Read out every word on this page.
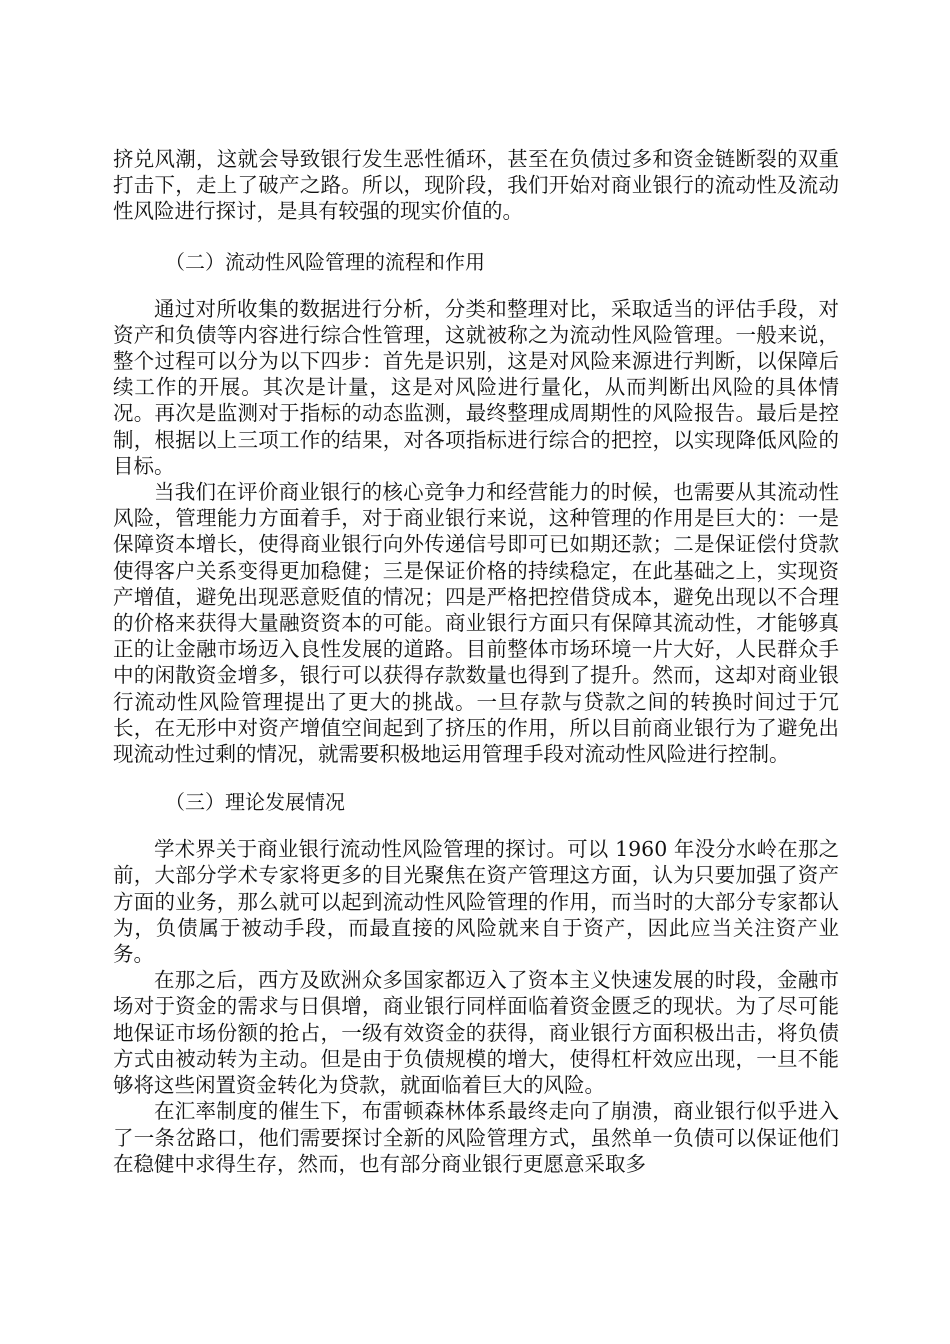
挤兑风潮，这就会导致银行发生恶性循环，甚至在负债过多和资金链断裂的双重打击下，走上了破产之路。所以，现阶段，我们开始对商业银行的流动性及流动性风险进行探讨，是具有较强的现实价值的。

（二）流动性风险管理的流程和作用

通过对所收集的数据进行分析，分类和整理对比，采取适当的评估手段，对资产和负债等内容进行综合性管理，这就被称之为流动性风险管理。一般来说，整个过程可以分为以下四步：首先是识别，这是对风险来源进行判断，以保障后续工作的开展。其次是计量，这是对风险进行量化，从而判断出风险的具体情况。再次是监测对于指标的动态监测，最终整理成周期性的风险报告。最后是控制，根据以上三项工作的结果，对各项指标进行综合的把控，以实现降低风险的目标。

当我们在评价商业银行的核心竞争力和经营能力的时候，也需要从其流动性风险，管理能力方面着手，对于商业银行来说，这种管理的作用是巨大的：一是保障资本增长，使得商业银行向外传递信号即可已如期还款；二是保证偿付贷款使得客户关系变得更加稳健；三是保证价格的持续稳定，在此基础之上，实现资产增值，避免出现恶意贬值的情况；四是严格把控借贷成本，避免出现以不合理的价格来获得大量融资资本的可能。商业银行方面只有保障其流动性，才能够真正的让金融市场迈入良性发展的道路。目前整体市场环境一片大好，人民群众手中的闲散资金增多，银行可以获得存款数量也得到了提升。然而，这却对商业银行流动性风险管理提出了更大的挑战。一旦存款与贷款之间的转换时间过于冗长，在无形中对资产增值空间起到了挤压的作用，所以目前商业银行为了避免出现流动性过剩的情况，就需要积极地运用管理手段对流动性风险进行控制。

（三）理论发展情况

学术界关于商业银行流动性风险管理的探讨。可以 1960 年没分水岭在那之前，大部分学术专家将更多的目光聚焦在资产管理这方面，认为只要加强了资产方面的业务，那么就可以起到流动性风险管理的作用，而当时的大部分专家都认为，负债属于被动手段，而最直接的风险就来自于资产，因此应当关注资产业务。

在那之后，西方及欧洲众多国家都迈入了资本主义快速发展的时段，金融市场对于资金的需求与日俱增，商业银行同样面临着资金匮乏的现状。为了尽可能地保证市场份额的抢占，一级有效资金的获得，商业银行方面积极出击，将负债方式由被动转为主动。但是由于负债规模的增大，使得杠杆效应出现，一旦不能够将这些闲置资金转化为贷款，就面临着巨大的风险。

在汇率制度的催生下，布雷顿森林体系最终走向了崩溃，商业银行似乎进入了一条岔路口，他们需要探讨全新的风险管理方式，虽然单一负债可以保证他们在稳健中求得生存，然而，也有部分商业银行更愿意采取多
